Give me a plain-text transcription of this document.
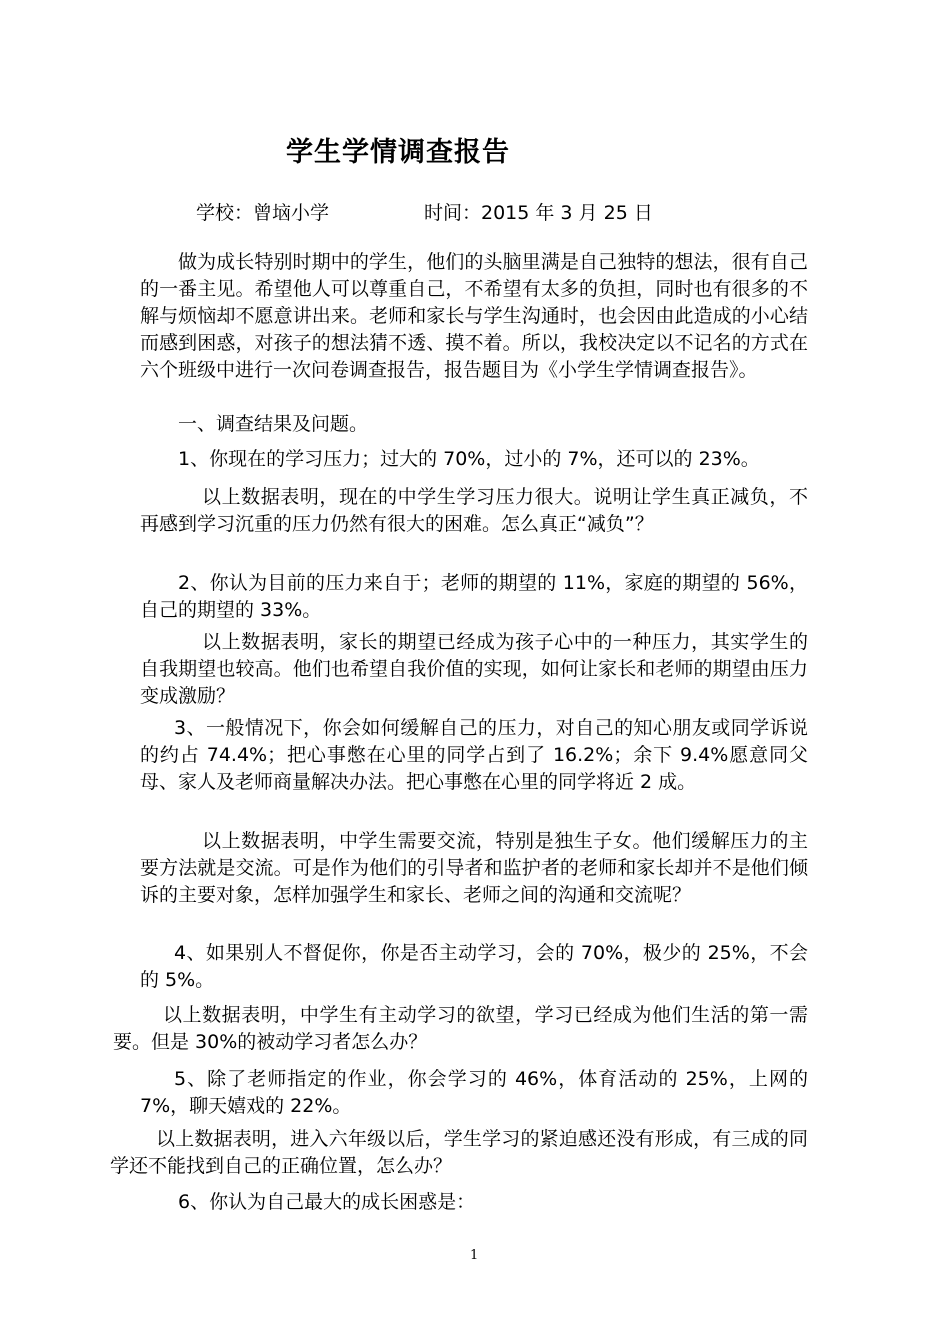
学生学情调查报告
学校：曾垴小学	时间：2015 年 3 月 25 日

做为成长特别时期中的学生，他们的头脑里满是自己独特的想法，很有自己的一番主见。希望他人可以尊重自己，不希望有太多的负担，同时也有很多的不解与烦恼却不愿意讲出来。老师和家长与学生沟通时，也会因由此造成的小心结而感到困惑，对孩子的想法猜不透、摸不着。所以，我校决定以不记名的方式在六个班级中进行一次问卷调查报告，报告题目为《小学生学情调查报告》。

一、调查结果及问题。

1、你现在的学习压力；过大的 70%，过小的 7%，还可以的 23%。

以上数据表明，现在的中学生学习压力很大。说明让学生真正减负，不再感到学习沉重的压力仍然有很大的困难。怎么真正“减负”？

2、你认为目前的压力来自于；老师的期望的 11%，家庭的期望的 56%，自己的期望的 33%。

以上数据表明，家长的期望已经成为孩子心中的一种压力，其实学生的自我期望也较高。他们也希望自我价值的实现，如何让家长和老师的期望由压力变成激励？

3、一般情况下，你会如何缓解自己的压力，对自己的知心朋友或同学诉说的约占 74.4%；把心事憋在心里的同学占到了 16.2%；余下 9.4%愿意同父母、家人及老师商量解决办法。把心事憋在心里的同学将近 2 成。

以上数据表明，中学生需要交流，特别是独生子女。他们缓解压力的主要方法就是交流。可是作为他们的引导者和监护者的老师和家长却并不是他们倾诉的主要对象，怎样加强学生和家长、老师之间的沟通和交流呢？

4、如果别人不督促你，你是否主动学习，会的 70%，极少的 25%，不会的 5%。

以上数据表明，中学生有主动学习的欲望，学习已经成为他们生活的第一需要。但是 30%的被动学习者怎么办？

5、除了老师指定的作业，你会学习的 46%，体育活动的 25%，上网的 7%，聊天嬉戏的 22%。

以上数据表明，进入六年级以后，学生学习的紧迫感还没有形成，有三成的同学还不能找到自己的正确位置，怎么办？

6、你认为自己最大的成长困惑是：

1
